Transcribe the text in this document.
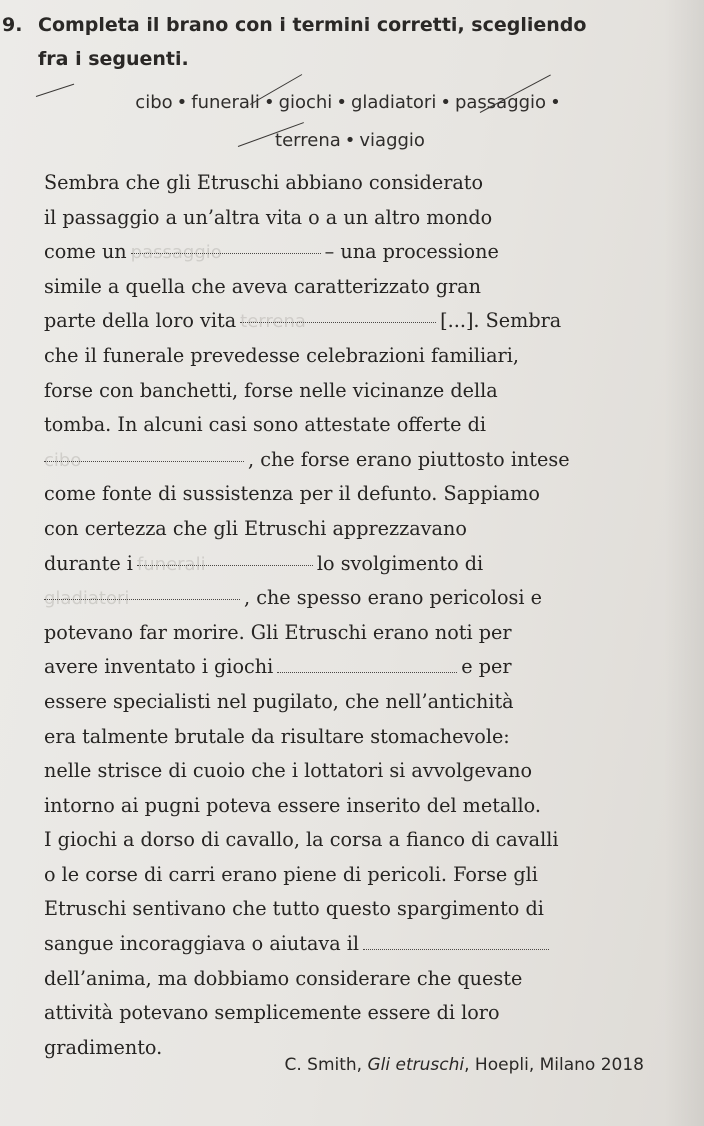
9. Completa il brano con i termini corretti, scegliendo
fra i seguenti.
cibo • funerali • giochi • gladiatori • passaggio •
terrena • viaggio
Sembra che gli Etruschi abbiano considerato
il passaggio a un’altra vita o a un altro mondo
come un passaggio	– una processione
simile a quella che aveva caratterizzato gran
parte della loro vita terrena	[...]. Sembra
che il funerale prevedesse celebrazioni familiari,
forse con banchetti, forse nelle vicinanze della
tomba. In alcuni casi sono attestate offerte di
cibo	, che forse erano piuttosto intese
come fonte di sussistenza per il defunto. Sappiamo
con certezza che gli Etruschi apprezzavano
durante i funerali	lo svolgimento di
gladiatori	, che spesso erano pericolosi e
potevano far morire. Gli Etruschi erano noti per
avere inventato i giochi	e per
essere specialisti nel pugilato, che nell’antichità
era talmente brutale da risultare stomachevole:
nelle strisce di cuoio che i lottatori si avvolgevano
intorno ai pugni poteva essere inserito del metallo.
I giochi a dorso di cavallo, la corsa a fianco di cavalli
o le corse di carri erano piene di pericoli. Forse gli
Etruschi sentivano che tutto questo spargimento di
sangue incoraggiava o aiutava il
dell’anima, ma dobbiamo considerare che queste
attività potevano semplicemente essere di loro
gradimento.
C. Smith, Gli etruschi, Hoepli, Milano 2018
